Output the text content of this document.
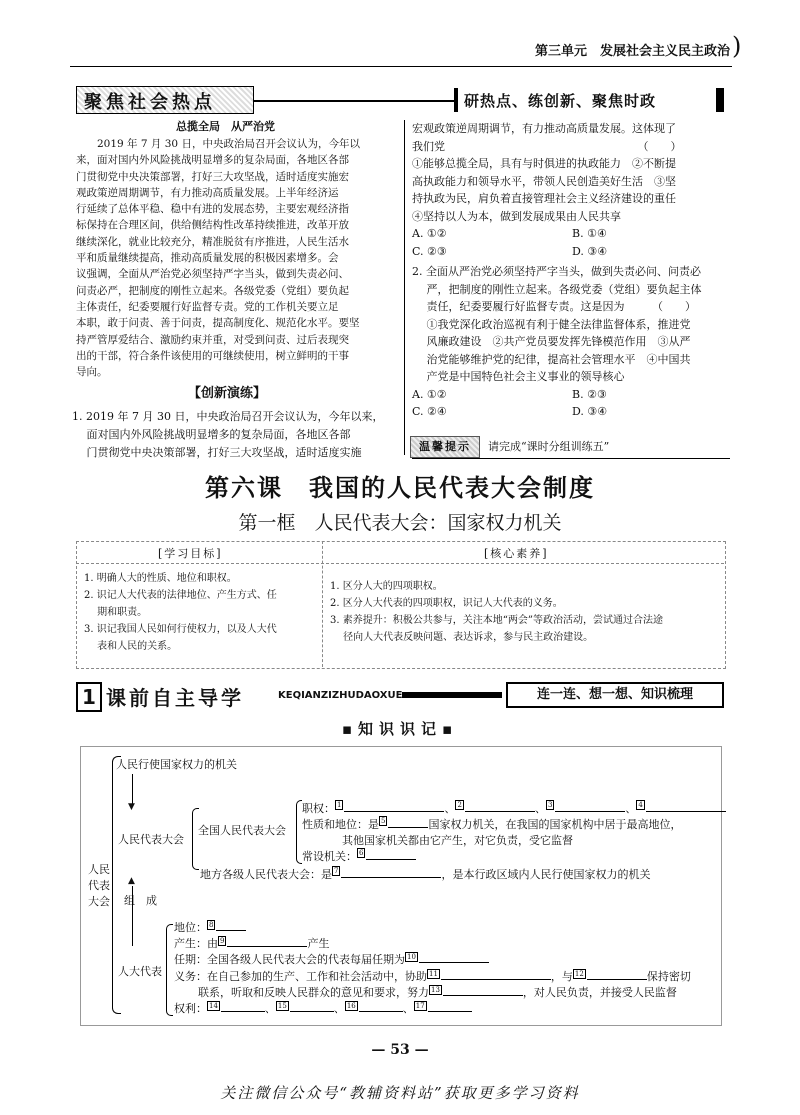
第三单元　发展社会主义民主政治 )
聚焦社会热点	研热点、练创新、聚焦时政
总揽全局　从严治党
　　2019 年 7 月 30 日，中央政治局召开会议认为，今年以
来，面对国内外风险挑战明显增多的复杂局面，各地区各部
门贯彻党中央决策部署，打好三大攻坚战，适时适度实施宏
观政策逆周期调节，有力推动高质量发展。上半年经济运
行延续了总体平稳、稳中有进的发展态势，主要宏观经济指
标保持在合理区间，供给侧结构性改革持续推进，改革开放
继续深化，就业比较充分，精准脱贫有序推进，人民生活水
平和质量继续提高，推动高质量发展的积极因素增多。会
议强调，全面从严治党必须坚持严字当头，做到失责必问、
问责必严，把制度的刚性立起来。各级党委（党组）要负起
主体责任，纪委要履行好监督专责。党的工作机关要立足
本职，敢于问责、善于问责，提高制度化、规范化水平。要坚
持严管厚爱结合、激励约束并重，对受到问责、过后表现突
出的干部，符合条件该使用的可继续使用，树立鲜明的干事
导向。
【创新演练】
1. 2019 年 7 月 30 日，中央政治局召开会议认为，今年以来，
　 面对国内外风险挑战明显增多的复杂局面，各地区各部
　 门贯彻党中央决策部署，打好三大攻坚战，适时适度实施
宏观政策逆周期调节，有力推动高质量发展。这体现了
我们党　　　　　　　　　　　　　　　　　　（　　）
①能够总揽全局，具有与时俱进的执政能力　②不断提
高执政能力和领导水平，带领人民创造美好生活　③坚
持执政为民，肩负着直接管理社会主义经济建设的重任
④坚持以人为本，做到发展成果由人民共享
A. ①②	B. ①④
C. ②③	D. ③④
2. 全面从严治党必须坚持严字当头，做到失责必问、问责必
　 严，把制度的刚性立起来。各级党委（党组）要负起主体
　 责任，纪委要履行好监督专责。这是因为　　　（　　）
　 ①我党深化政治巡视有利于健全法律监督体系，推进党
　 风廉政建设　②共产党员要发挥先锋模范作用　③从严
　 治党能够维护党的纪律，提高社会管理水平　④中国共
　 产党是中国特色社会主义事业的领导核心
A. ①②	B. ②③
C. ②④	D. ③④
温馨提示	请完成“课时分组训练五”
第六课　我国的人民代表大会制度
第一框　人民代表大会：国家权力机关
[学习目标]	[核心素养]
1. 明确人大的性质、地位和职权。
2. 识记人大代表的法律地位、产生方式、任
　 期和职责。
3. 识记我国人民如何行使权力，以及人大代
　 表和人民的关系。
1. 区分人大的四项职权。
2. 区分人大代表的四项职权，识记人大代表的义务。
3. 素养提升：积极公共参与，关注本地“两会”等政治活动，尝试通过合法途
　 径向人大代表反映问题、表达诉求，参与民主政治建设。
1 课前自主导学	KEQIANZIZHUDAOXUE	连一连、想一想、知识梳理
▪知识识记▪
人民代表大会
人民行使国家权力的机关
▼
人民代表大会
全国人民代表大会
职权： 1	、 2	、 3	、 4
性质和地位：是 5	国家权力机关，在我国的国家机构中居于最高地位，
其他国家机关都由它产生，对它负责，受它监督
常设机关： 6
地方各级人民代表大会：是 7	，是本行政区域内人民行使国家权力的机关
组　成
▲
人大代表
地位： 8
产生：由 9	产生
任期：全国各级人民代表大会的代表每届任期为 10
义务：在自己参加的生产、工作和社会活动中，协助 11	，与 12	保持密切
联系，听取和反映人民群众的意见和要求，努力 13	，对人民负责，并接受人民监督
权利： 14	、 15	、 16	、 17
— 53 —
关注微信公众号“教辅资料站”获取更多学习资料
